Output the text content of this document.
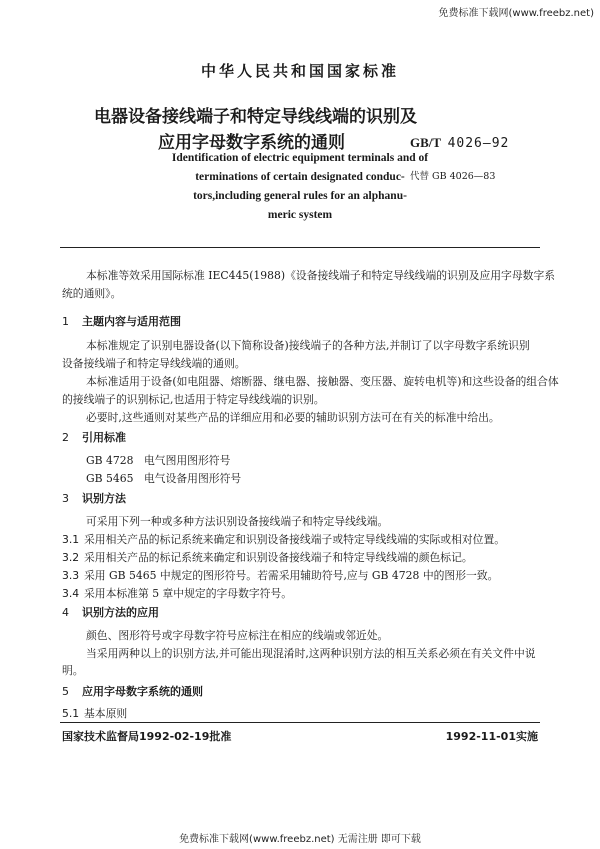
免费标准下载网(www.freebz.net)
中华人民共和国国家标准
电器设备接线端子和特定导线线端的识别及
应用字母数字系统的通则	GB/T 4026—92
代替 GB 4026—83
Identification of electric equipment terminals and of
terminations of certain designated conduc-
tors,including general rules for an alphanu-
meric system
本标准等效采用国际标准 IEC445(1988)《设备接线端子和特定导线线端的识别及应用字母数字系
统的通则》。
1 主题内容与适用范围
本标准规定了识别电器设备(以下简称设备)接线端子的各种方法,并制订了以字母数字系统识别
设备接线端子和特定导线线端的通则。
本标准适用于设备(如电阻器、熔断器、继电器、接触器、变压器、旋转电机等)和这些设备的组合体
的接线端子的识别标记,也适用于特定导线线端的识别。
必要时,这些通则对某些产品的详细应用和必要的辅助识别方法可在有关的标准中给出。
2 引用标准
GB 4728 电气图用图形符号
GB 5465 电气设备用图形符号
3 识别方法
可采用下列一种或多种方法识别设备接线端子和特定导线线端。
3.1 采用相关产品的标记系统来确定和识别设备接线端子或特定导线线端的实际或相对位置。
3.2 采用相关产品的标记系统来确定和识别设备接线端子和特定导线线端的颜色标记。
3.3 采用 GB 5465 中规定的图形符号。若需采用辅助符号,应与 GB 4728 中的图形一致。
3.4 采用本标准第 5 章中规定的字母数字符号。
4 识别方法的应用
颜色、图形符号或字母数字符号应标注在相应的线端或邻近处。
当采用两种以上的识别方法,并可能出现混淆时,这两种识别方法的相互关系必须在有关文件中说
明。
5 应用字母数字系统的通则
5.1 基本原则
国家技术监督局1992-02-19批准	1992-11-01实施
免费标准下载网(www.freebz.net) 无需注册 即可下载
